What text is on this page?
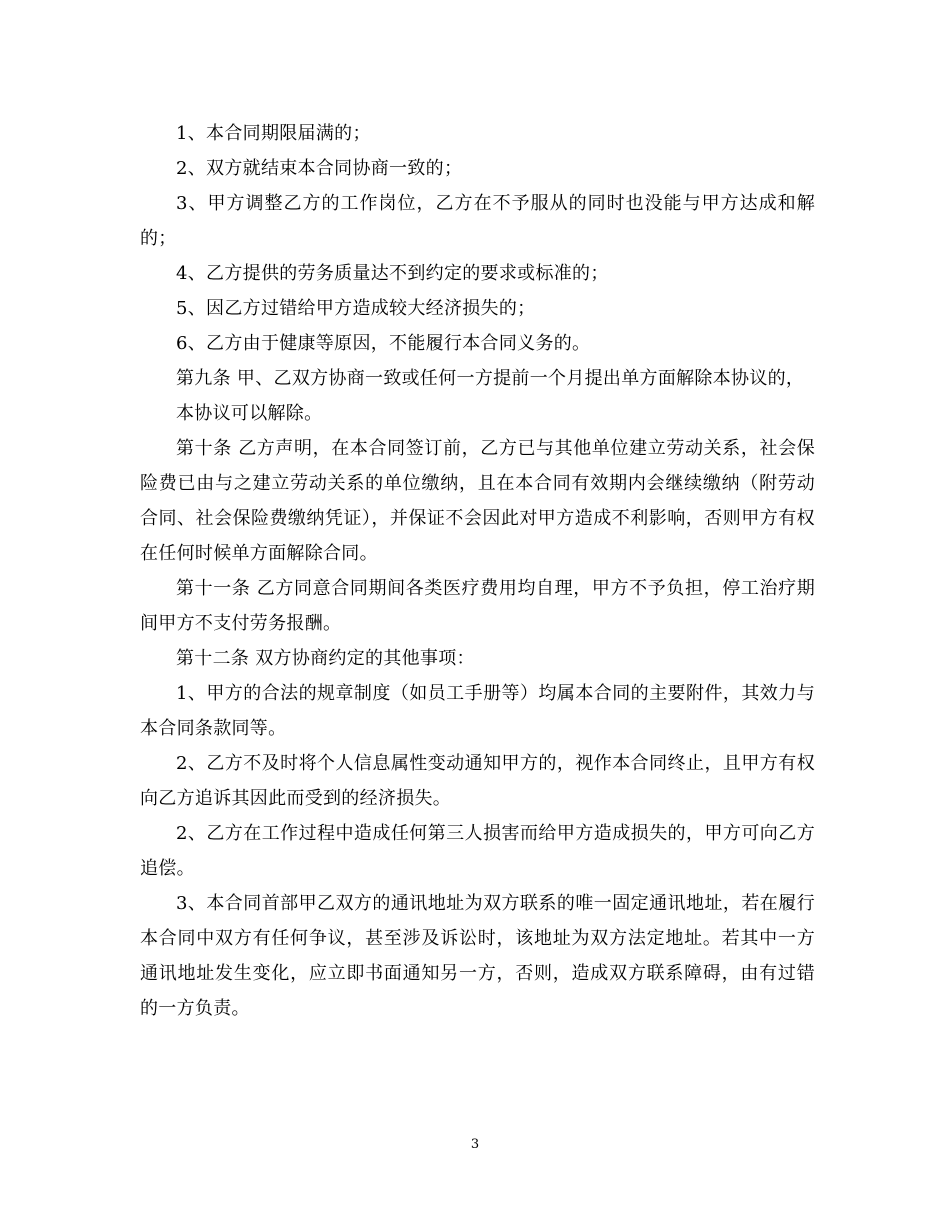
1、本合同期限届满的；

2、双方就结束本合同协商一致的；

3、甲方调整乙方的工作岗位，乙方在不予服从的同时也没能与甲方达成和解的；

4、乙方提供的劳务质量达不到约定的要求或标准的；

5、因乙方过错给甲方造成较大经济损失的；

6、乙方由于健康等原因，不能履行本合同义务的。

第九条 甲、乙双方协商一致或任何一方提前一个月提出单方面解除本协议的，

本协议可以解除。

第十条 乙方声明，在本合同签订前，乙方已与其他单位建立劳动关系，社会保险费已由与之建立劳动关系的单位缴纳，且在本合同有效期内会继续缴纳（附劳动合同、社会保险费缴纳凭证），并保证不会因此对甲方造成不利影响，否则甲方有权在任何时候单方面解除合同。

第十一条 乙方同意合同期间各类医疗费用均自理，甲方不予负担，停工治疗期间甲方不支付劳务报酬。

第十二条 双方协商约定的其他事项：

1、甲方的合法的规章制度（如员工手册等）均属本合同的主要附件，其效力与本合同条款同等。

2、乙方不及时将个人信息属性变动通知甲方的，视作本合同终止，且甲方有权向乙方追诉其因此而受到的经济损失。

2、乙方在工作过程中造成任何第三人损害而给甲方造成损失的，甲方可向乙方追偿。

3、本合同首部甲乙双方的通讯地址为双方联系的唯一固定通讯地址，若在履行本合同中双方有任何争议，甚至涉及诉讼时，该地址为双方法定地址。若其中一方通讯地址发生变化，应立即书面通知另一方，否则，造成双方联系障碍，由有过错的一方负责。

3
